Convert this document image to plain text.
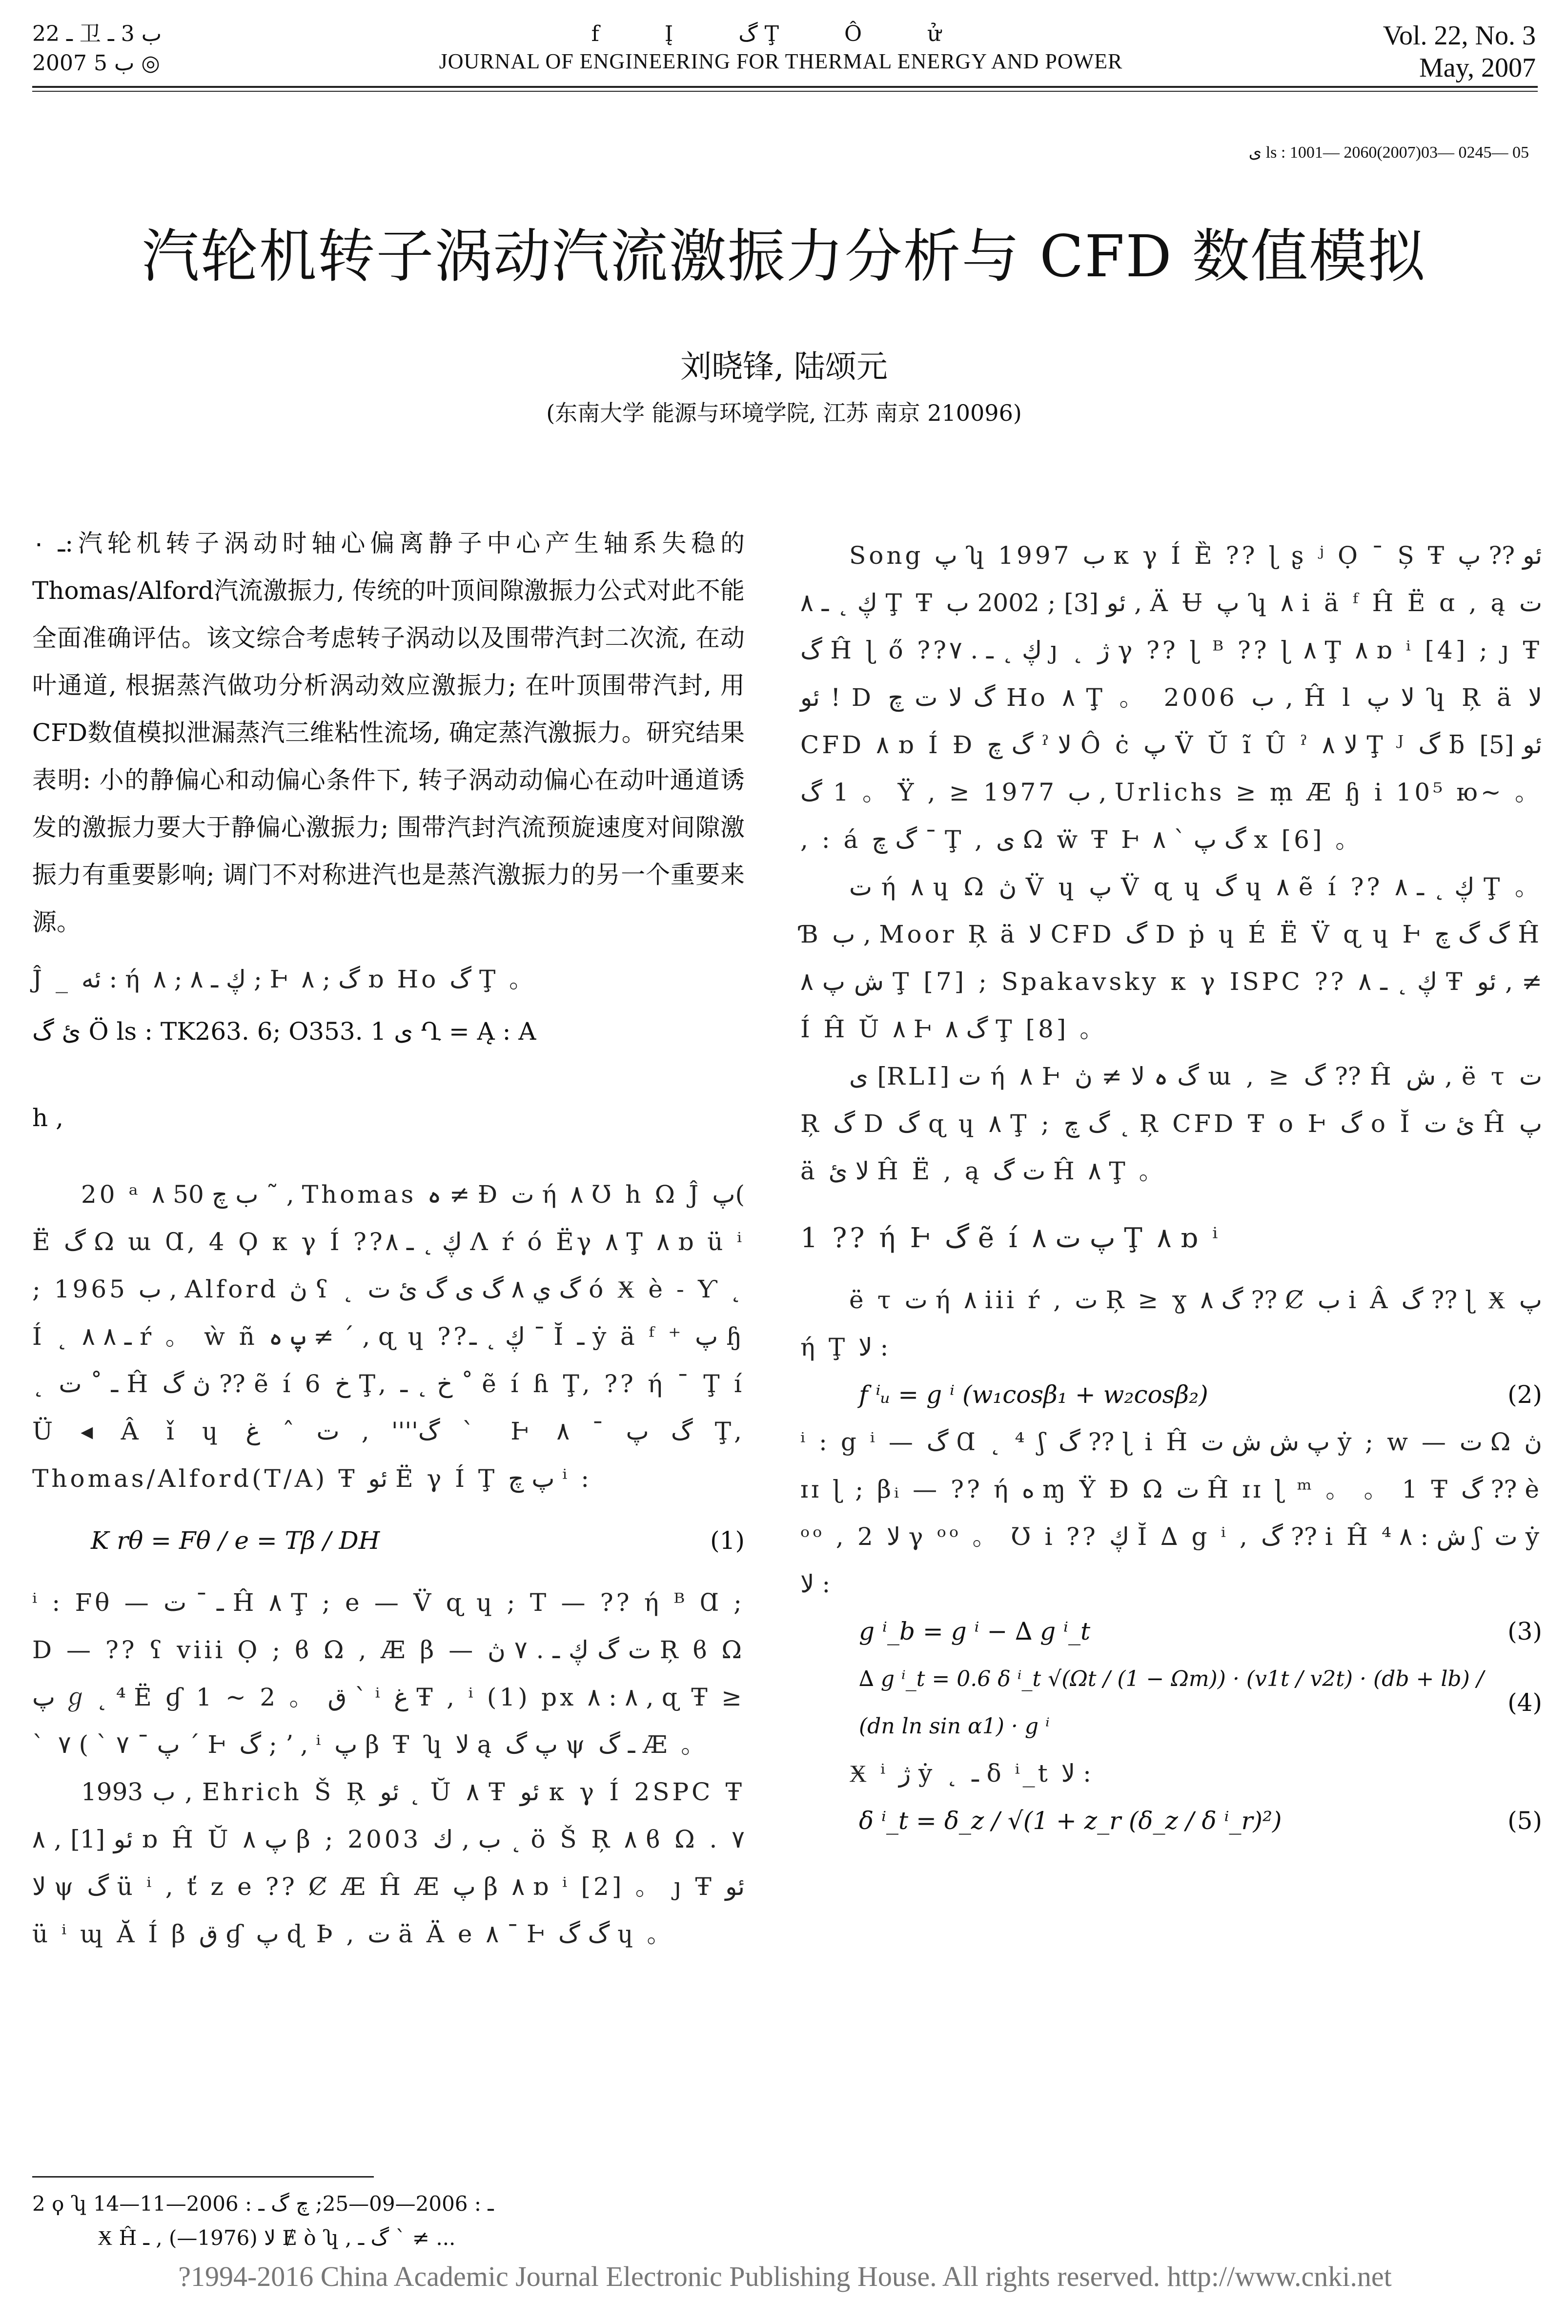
ـ 22 卫 ب 3 ـ
2007 ب 5 ◎
f Į گ Ţ Ô ử
JOURNAL OF ENGINEERING FOR THERMAL ENERGY AND POWER
Vol. 22, No. 3
May, 2007
ى ls : 1001— 2060(2007)03— 0245— 05
汽轮机转子涡动汽流激振力分析与 CFD 数值模拟
刘晓锋, 陆颂元
(东南大学 能源与环境学院, 江苏 南京 210096)

ـ ٠:汽轮机转子涡动时轴心偏离静子中心产生轴系失稳的Thomas/Alford汽流激振力, 传统的叶顶间隙激振力公式对此不能全面准确评估。该文综合考虑转子涡动以及围带汽封二次流, 在动叶通道, 根据蒸汽做功分析涡动效应激振力; 在叶顶围带汽封, 用CFD数值模拟泄漏蒸汽三维粘性流场, 确定蒸汽激振力。研究结果表明: 小的静偏心和动偏心条件下, 转子涡动动偏心在动叶通道诱发的激振力要大于静偏心激振力; 围带汽封汽流预旋速度对间隙激振力有重要影响; 调门不对称进汽也是蒸汽激振力的另一个重要来源。

Ĵ _ ئە : ή ۸ ; ڮ ـ ۸ ; Ͱ گ ; ۸ ɒ Ho گ Ţ 。

ئ گ Ö ls : TK263. 6; O353. 1 ى Ղ = Ą : A

h ,

20 ᵃ ۸ 50 ب چ ˜ , Thomas ہ ≠ Ɖ ت ή ۸ Ʊ h Ω Ĵ پ( Ë گ Ω ɯ Ɑ, 4 Ϙ κ γ Í ??ڮ ˛ ـ ۸ Ʌ ŕ ó Ëγ ۸ Ţ ۸ ɒ ü ⁱ ; 1965 ب , Alford ڽ ʕ ˛ گ ي ۸ گ ى گ ئ ت ó Ӿ è ˗ Ƴ ˛ Í ˛ ـ ۸ ۸ ŕ 。 ẁ ñ پ ہ ≠ ´ , ɋ ɥ ??ڮ ˛ ـ ˉ Ĭ ـ ẏ ä ᶠ ⁺ پ ɧ ˛ ـ ˚ ت Ĥ ڽ گ ?? ẽ í 6 خ Ţ, خ ˛ ـ ˚ ẽ í ɦ Ţ, ?? ή ˉ Ţ í Ü ◂ Â ǐ ɥ گ'''' , ت ˆ غ ˋ Ͱ گ پ ˉ ۸ Ţ, Thomas/Alford(T/A) Ŧ ئو Ë γ Í Ţ پ چ ⁱ :

K rθ = Fθ / e = Tβ / DH	(1)

ⁱ : Fθ — ـ ˉ ت Ĥ ۸ Ţ ; e — V̈ ɋ ɥ ; T — ?? ή ᴮ Ɑ ; D — ?? ʕ viii Ọ ; ϐ Ω , Æ β — ت گ ڮ ـ . ۷ ڽ Ŗ ϐ Ω پ ℊ ˛ ⁴ Ë ɠ 1 ~ 2 。 ق ˋ ⁱ غ Ŧ , ⁱ (1) px ۸ : ۸ , ɋ Ŧ ≥ ˋ ۷ ( ` پ ˉ ۷ ˊ Ͱ گ ; ʼ , ⁱ پ β Ŧ ʮ لا ą پ گ ψ ـ گ Æ 。

1993 ب , Ehrich Š Ŗ ئو ˛ Ŭ ۸ Ŧ ئو κ γ Í 2SPC Ŧ ئو [1] , ۸ ɒ Ĥ Ŭ ۸ پ β ; 2003 ب , ك ˛ ö Š Ŗ ۸ ϐ Ω . ۷ لا ψ گ ü ⁱ , ť z e ?? Ȼ Æ Ĥ Æ پ β ۸ ɒ ⁱ [2] 。 ȷ Ŧ ئو ü ⁱ ɰ Ă Í β ق ɠ پ ɖ Þ , ت ä Ä e ۸ ˉ Ͱ گ گ ɥ 。

Song پ ʮ 1997 ب κ γ Í Ȅ ?? ɭ ʂ ʲ Ọ ˉ Ș Ŧ ئو ?? پ ڮ ˛ ـ ۸ Ţ Ŧ ئو [3] ; 2002 ب , Ä Ʉ پ ʮ ۸ ⅰ ä ᶠ Ĥ Ë ɑ , ą ت گ Ĥ ɭ ő ??ڮ ˛ ـ . ۷ ȷ ˛ ژ γ ?? ɭ ᴮ ?? ɭ ۸ Ţ ۸ ɒ ⁱ [4] ; ȷ Ŧ ئو ! D گ لا ت چ Ho ۸ Ţ 。 2006 ب , Ĥ l لا پ ʮ Ŗ ä لا CFD ۸ ɒ Í Ɖ گ چ ˀ لا Ô ċ پ V̈ Ŭ ĩ Û ˀ لا ۸ Ţ ᴶ گ ƃ ئو [5] 。 1 گ Ÿ , ≥ 1977 ب , Urlichs ≥ ṃ Æ ɧ ⅰ 10⁵ ю~ 。 , : á گ چ ˉ Ţ , ى Ω ẅ Ŧ Ͱ گ پ ˋ ۸ x [6] 。

ت ή ۸ ɥ Ω ڽ V̈ ɥ پ V̈ ɋ ɥ گ ɥ ۸ ẽ í ?? ڮ ˛ ـ ۸ Ţ 。 Ɓ ب , Moor Ŗ ä لا CFD گ D ṗ ɥ É Ë V̈ ɋ ɥ Ͱ گ گ چ Ĥ ش پ ۸ Ţ [7] ; Spakavsky κ γ ISPC ?? ڮ ˛ ـ ۸ Ŧ ئو , ≠ Í Ĥ Ŭ ۸ Ͱ گ ۸ Ţ [8] 。

ى [RLI] ت ή ۸ Ͱ گ ہ لا ≠ ڽ ɯ , ≥ گ ?? Ĥ ش , ë τ ت Ŗ گ D گ ɋ ɥ ۸ Ţ ; گ چ ˛ Ŗ CFD Ŧ o Ͱ گ o Ĭ ئ ت Ĥ پ ä لا ئ Ĥ Ë , ą ت گ Ĥ ۸ Ţ 。

1 ?? ή Ͱ گ ẽ í پ ت ۸ Ţ ۸ ɒ ⁱ

ë τ ت ή ۸ iii ŕ , ت Ŗ ≥ ɣ ۸ گ ?? Ȼ ب i Â گ ?? ɭ Ӿ پ ή Ţ لا :

f ⁱᵤ = g ⁱ (w₁cosβ₁ + w₂cosβ₂)	(2)

ⁱ : g ⁱ — گ Ɑ ˛ ⁴ ʃ گ ?? ɭ i Ĥ پ ش ش ت ẏ ; w — ت Ω ڽ ɪɪ ɭ ; βᵢ — ?? ή ه ɱ Ÿ Ɖ Ω ت Ĥ ɪɪ ɭ ᵐ 。 。 1 Ŧ گ ?? è ᵒᵒ , 2 لا γ ᵒᵒ 。 Ʊ ⅰ ?? ڮ Ĭ ∆ g ⁱ , گ ?? i Ĥ ش : ۸ ⁴ ʃ ت ẏ لا :

g ⁱ_b = g ⁱ − ∆ g ⁱ_t	(3)
∆ g ⁱ_t = 0.6 δ ⁱ_t √(Ωt / (1 − Ωm)) · (v1t / v2t) · (db + lb) / (dn ln sin α1) · g ⁱ
(4)

Ӿ ⁱ ژ ẏ ˛ ـ δ ⁱ_t لا :

δ ⁱ_t = δ_z / √(1 + z_r (δ_z / δ ⁱ_r)²)	(5)
2 ϙ ʮ ـ : 2006—09—25; چ گ ـ : 2006—11—14
Ӿ Ĥ لا (1976—) , ـ Ɇ ò ʮ , گ ـ ˋ ≠ ...
?1994-2016 China Academic Journal Electronic Publishing House. All rights reserved. http://www.cnki.net
